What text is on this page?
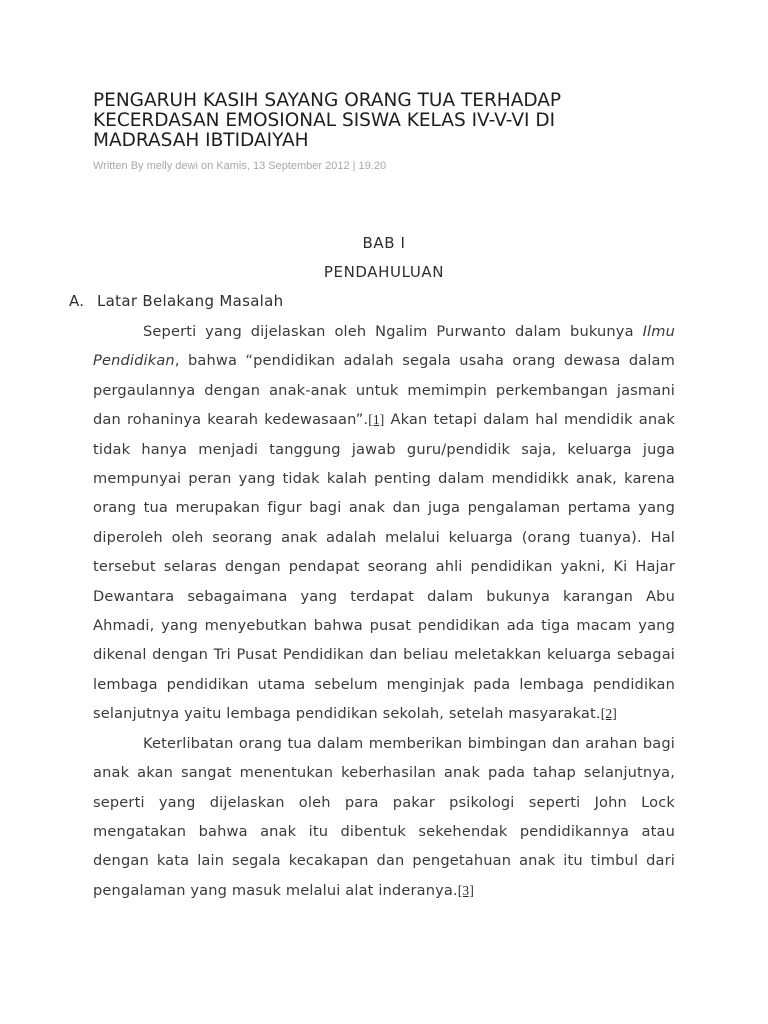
PENGARUH KASIH SAYANG ORANG TUA TERHADAP KECERDASAN EMOSIONAL SISWA KELAS IV-V-VI DI MADRASAH IBTIDAIYAH
Written By melly dewi on Kamis, 13 September 2012 | 19.20
BAB I
PENDAHULUAN
A. Latar Belakang Masalah

Seperti yang dijelaskan oleh Ngalim Purwanto dalam bukunya Ilmu Pendidikan, bahwa “pendidikan adalah segala usaha orang dewasa dalam pergaulannya dengan anak-anak untuk memimpin perkembangan jasmani dan rohaninya kearah kedewasaan”.[1] Akan tetapi dalam hal mendidik anak tidak hanya menjadi tanggung jawab guru/pendidik saja, keluarga juga mempunyai peran yang tidak kalah penting dalam mendidikk anak, karena orang tua merupakan figur bagi anak dan juga pengalaman pertama yang diperoleh oleh seorang anak adalah melalui keluarga (orang tuanya). Hal tersebut selaras dengan pendapat seorang ahli pendidikan yakni, Ki Hajar Dewantara sebagaimana yang terdapat dalam bukunya karangan Abu Ahmadi, yang menyebutkan bahwa pusat pendidikan ada tiga macam yang dikenal dengan Tri Pusat Pendidikan dan beliau meletakkan keluarga sebagai lembaga pendidikan utama sebelum menginjak pada lembaga pendidikan selanjutnya yaitu lembaga pendidikan sekolah, setelah masyarakat.[2]

Keterlibatan orang tua dalam memberikan bimbingan dan arahan bagi anak akan sangat menentukan keberhasilan anak pada tahap selanjutnya, seperti yang dijelaskan oleh para pakar psikologi seperti John Lock mengatakan bahwa anak itu dibentuk sekehendak pendidikannya atau dengan kata lain segala kecakapan dan pengetahuan anak itu timbul dari pengalaman yang masuk melalui alat inderanya.[3]
